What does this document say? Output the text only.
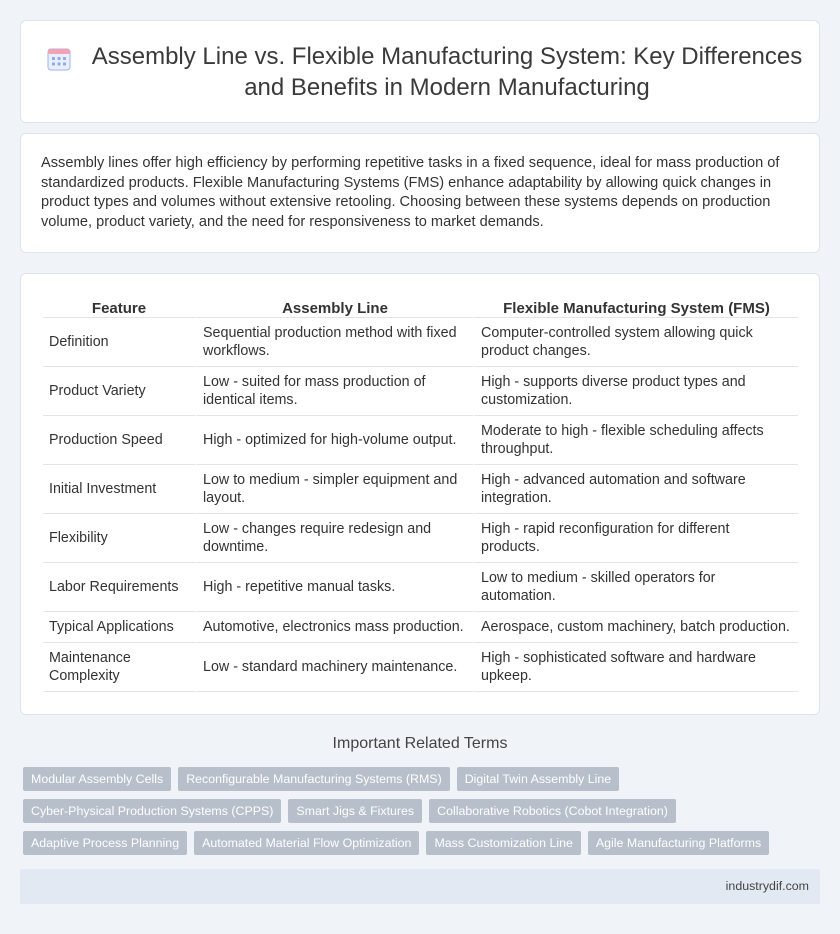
Assembly Line vs. Flexible Manufacturing System: Key Differences and Benefits in Modern Manufacturing

Assembly lines offer high efficiency by performing repetitive tasks in a fixed sequence, ideal for mass production of standardized products. Flexible Manufacturing Systems (FMS) enhance adaptability by allowing quick changes in product types and volumes without extensive retooling. Choosing between these systems depends on production volume, product variety, and the need for responsiveness to market demands.

Feature	Assembly Line	Flexible Manufacturing System (FMS)
Definition	Sequential production method with fixed workflows.	Computer-controlled system allowing quick product changes.
Product Variety	Low - suited for mass production of identical items.	High - supports diverse product types and customization.
Production Speed	High - optimized for high-volume output.	Moderate to high - flexible scheduling affects throughput.
Initial Investment	Low to medium - simpler equipment and layout.	High - advanced automation and software integration.
Flexibility	Low - changes require redesign and downtime.	High - rapid reconfiguration for different products.
Labor Requirements	High - repetitive manual tasks.	Low to medium - skilled operators for automation.
Typical Applications	Automotive, electronics mass production.	Aerospace, custom machinery, batch production.
Maintenance Complexity	Low - standard machinery maintenance.	High - sophisticated software and hardware upkeep.
Important Related Terms
Modular Assembly Cells	Reconfigurable Manufacturing Systems (RMS)	Digital Twin Assembly Line
Cyber-Physical Production Systems (CPPS)	Smart Jigs & Fixtures	Collaborative Robotics (Cobot Integration)
Adaptive Process Planning	Automated Material Flow Optimization	Mass Customization Line	Agile Manufacturing Platforms
industrydif.com
